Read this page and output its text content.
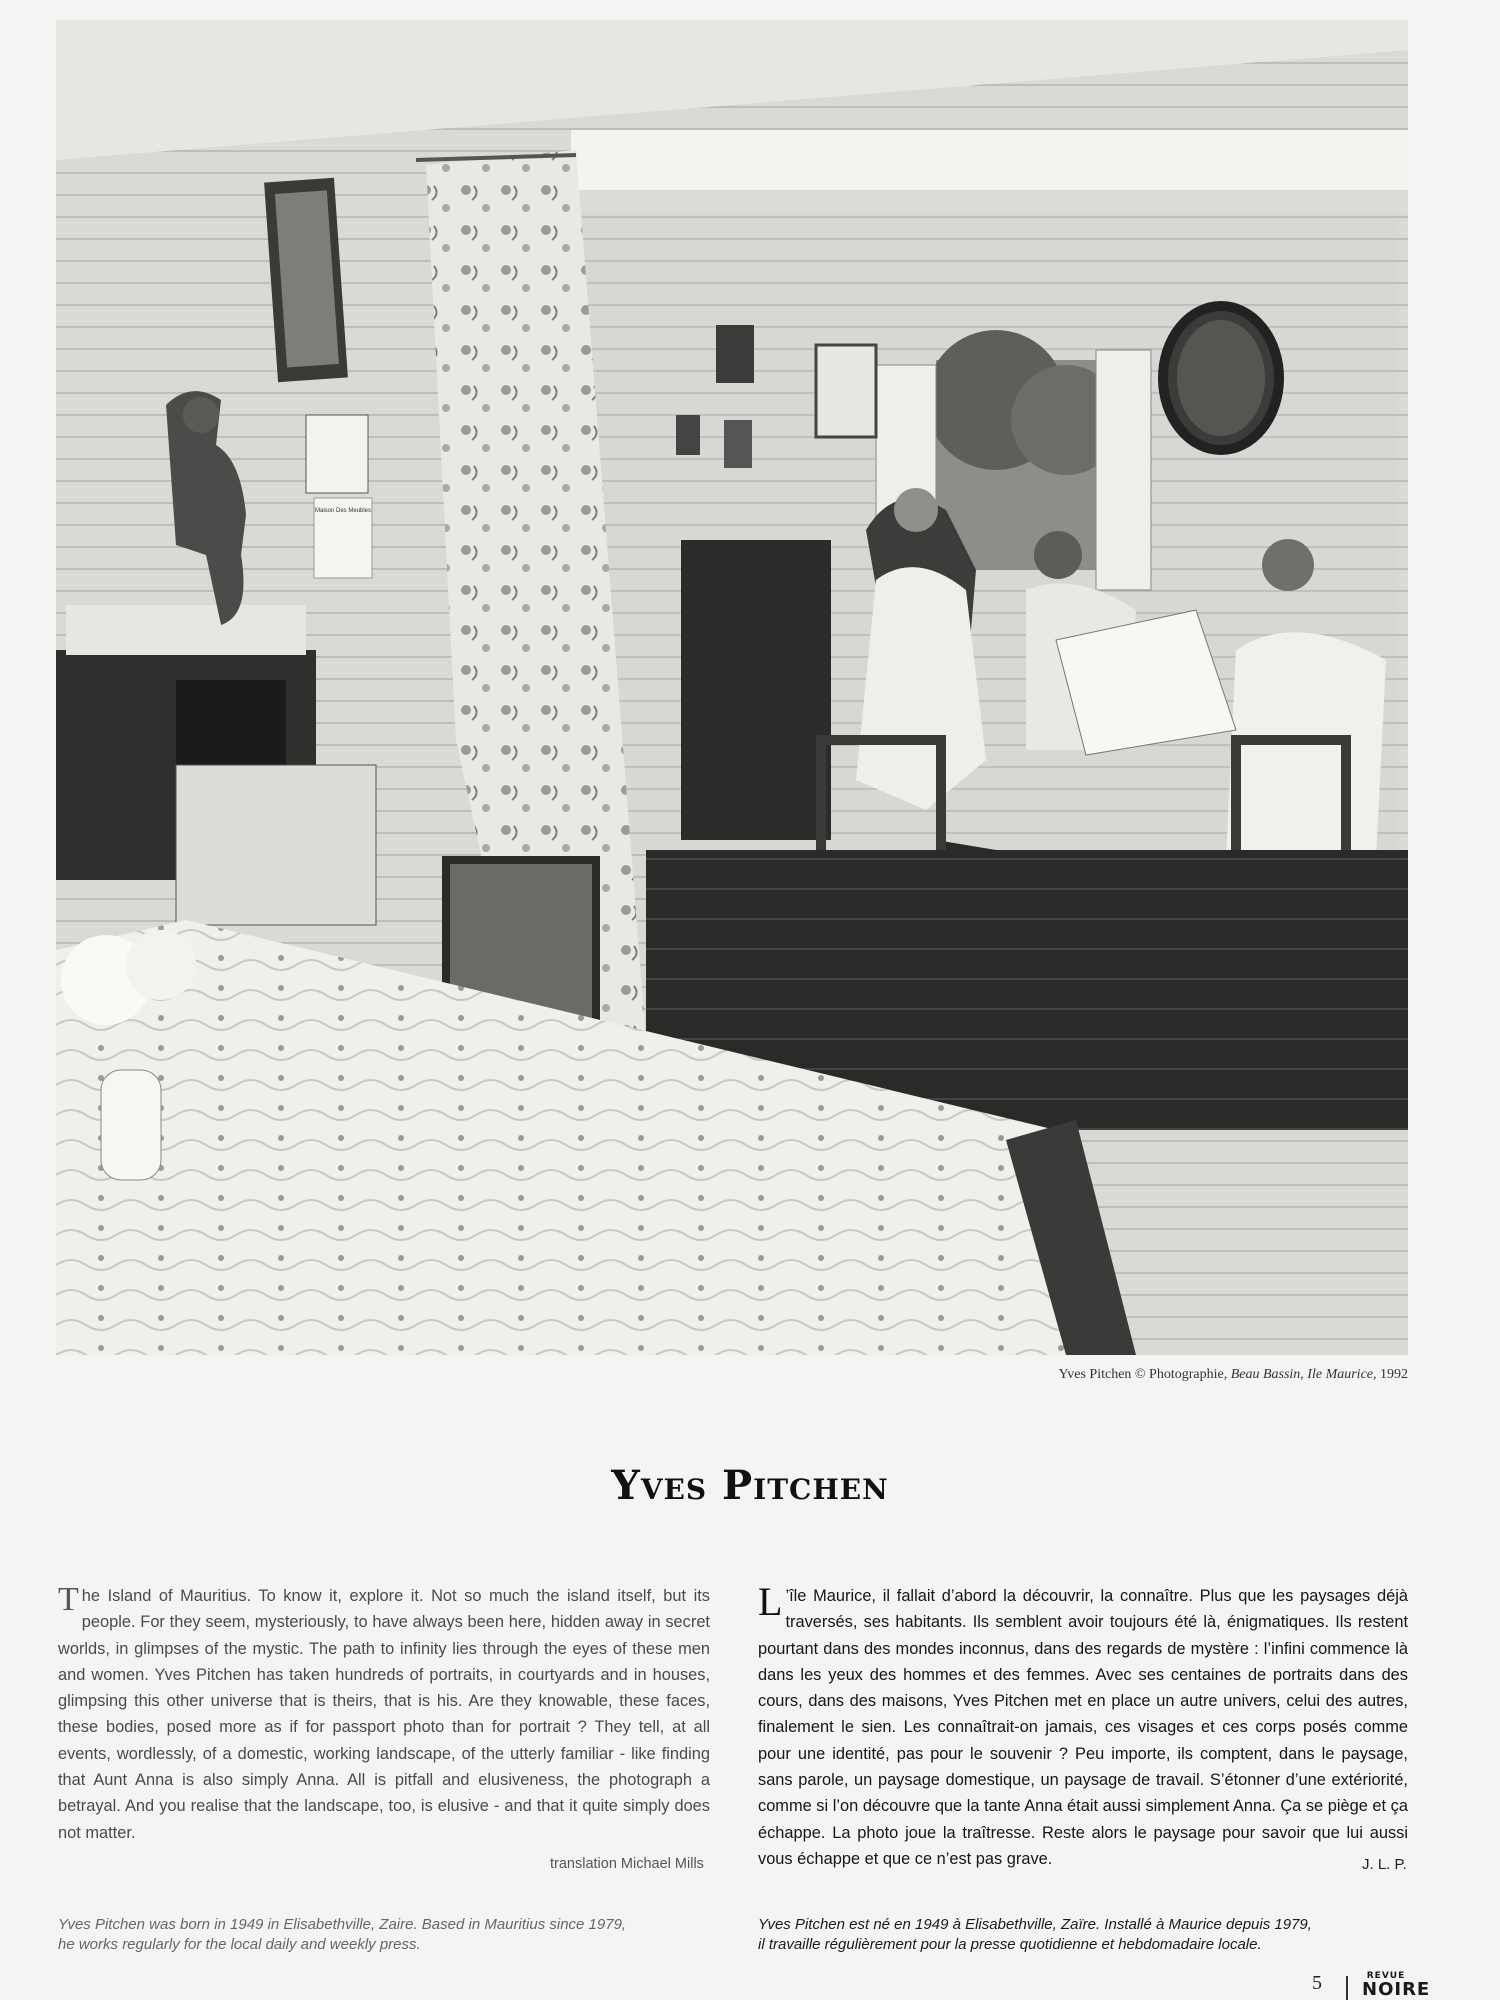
Maison Des Meubles
Yves Pitchen © Photographie, Beau Bassin, Ile Maurice, 1992
Yves Pitchen

The Island of Mauritius. To know it, explore it. Not so much the island itself, but its people. For they seem, mysteriously, to have always been here, hidden away in secret worlds, in glimpses of the mystic. The path to infinity lies through the eyes of these men and women. Yves Pitchen has taken hundreds of portraits, in courtyards and in houses, glimpsing this other universe that is theirs, that is his. Are they knowable, these faces, these bodies, posed more as if for passport photo than for portrait ? They tell, at all events, wordlessly, of a domestic, working landscape, of the utterly familiar - like finding that Aunt Anna is also simply Anna. All is pitfall and elusiveness, the photograph a betrayal. And you realise that the landscape, too, is elusive - and that it quite simply does not matter.

translation Michael Mills

L ’île Maurice, il fallait d’abord la découvrir, la connaître. Plus que les paysages déjà traversés, ses habitants. Ils semblent avoir toujours été là, énigmatiques. Ils restent pourtant dans des mondes inconnus, dans des regards de mystère : l’infini commence là dans les yeux des hommes et des femmes. Avec ses centaines de portraits dans des cours, dans des maisons, Yves Pitchen met en place un autre univers, celui des autres, finalement le sien. Les connaîtrait-on jamais, ces visages et ces corps posés comme pour une identité, pas pour le souvenir ? Peu importe, ils comptent, dans le paysage, sans parole, un paysage domestique, un paysage de travail. S’étonner d’une extériorité, comme si l’on découvre que la tante Anna était aussi simplement Anna. Ça se piège et ça échappe. La photo joue la traîtresse. Reste alors le paysage pour savoir que lui aussi vous échappe et que ce n’est pas grave.	J. L. P.
Yves Pitchen was born in 1949 in Elisabethville, Zaire. Based in Mauritius since 1979,
he works regularly for the local daily and weekly press.
Yves Pitchen est né en 1949 à Elisabethville, Zaïre. Installé à Maurice depuis 1979,
il travaille régulièrement pour la presse quotidienne et hebdomadaire locale.
5	REVUE
NOIRE
